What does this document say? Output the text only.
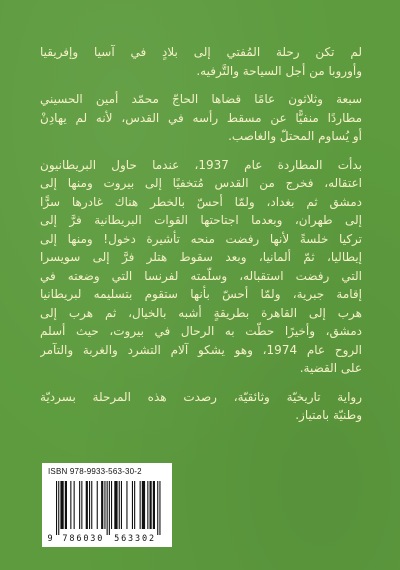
لم تكن رحلة المُفتي إلى بلادٍ في آسيا وإفريقيا
وأوروبا من أجل السياحة والتَّرفيه.
سبعة وثلاثون عامًا قضاها الحاجّ محمّد أمين الحسيني
مطاردًا منفيًّا عن مسقط رأسه في القدس، لأنه لم يهادِنْ
أو يُساوم المحتلّ والغاصب.
بدأت المطاردة عام 1937، عندما حاول البريطانيون
اعتقاله، فخرج من القدس مُتخفيًا إلى بيروت ومنها إلى
دمشق ثم بغداد، ولمّا أحسّ بالخطر هناك غادرها سرًّا
إلى طهران، وبعدما اجتاحتها القوات البريطانية فرَّ إلى
تركيا خلسةً لأنها رفضت منحه تأشيرة دخول! ومنها إلى
إيطاليا، ثمّ ألمانيا، وبعد سقوط هتلر فرَّ إلى سويسرا
التي رفضت استقباله، وسلّمته لفرنسا التي وضعته في
إقامة جبرية، ولمّا أحسّ بأنها ستقوم بتسليمه لبريطانيا
هرب إلى القاهرة بطريقةٍ أشبه بالخيال، ثم هرب إلى
دمشق، وأخيرًا حطّت به الرحال في بيروت، حيث أسلم
الروح عام 1974، وهو يشكو آلام التشرد والغربة والتآمر
على القضية.
رواية تاريخيّة وثائقيّة، رصدت هذه المرحلة بسرديّة
وطنيّة بامتياز.
ISBN 978-9933-563-30-2
9 786030 563302
